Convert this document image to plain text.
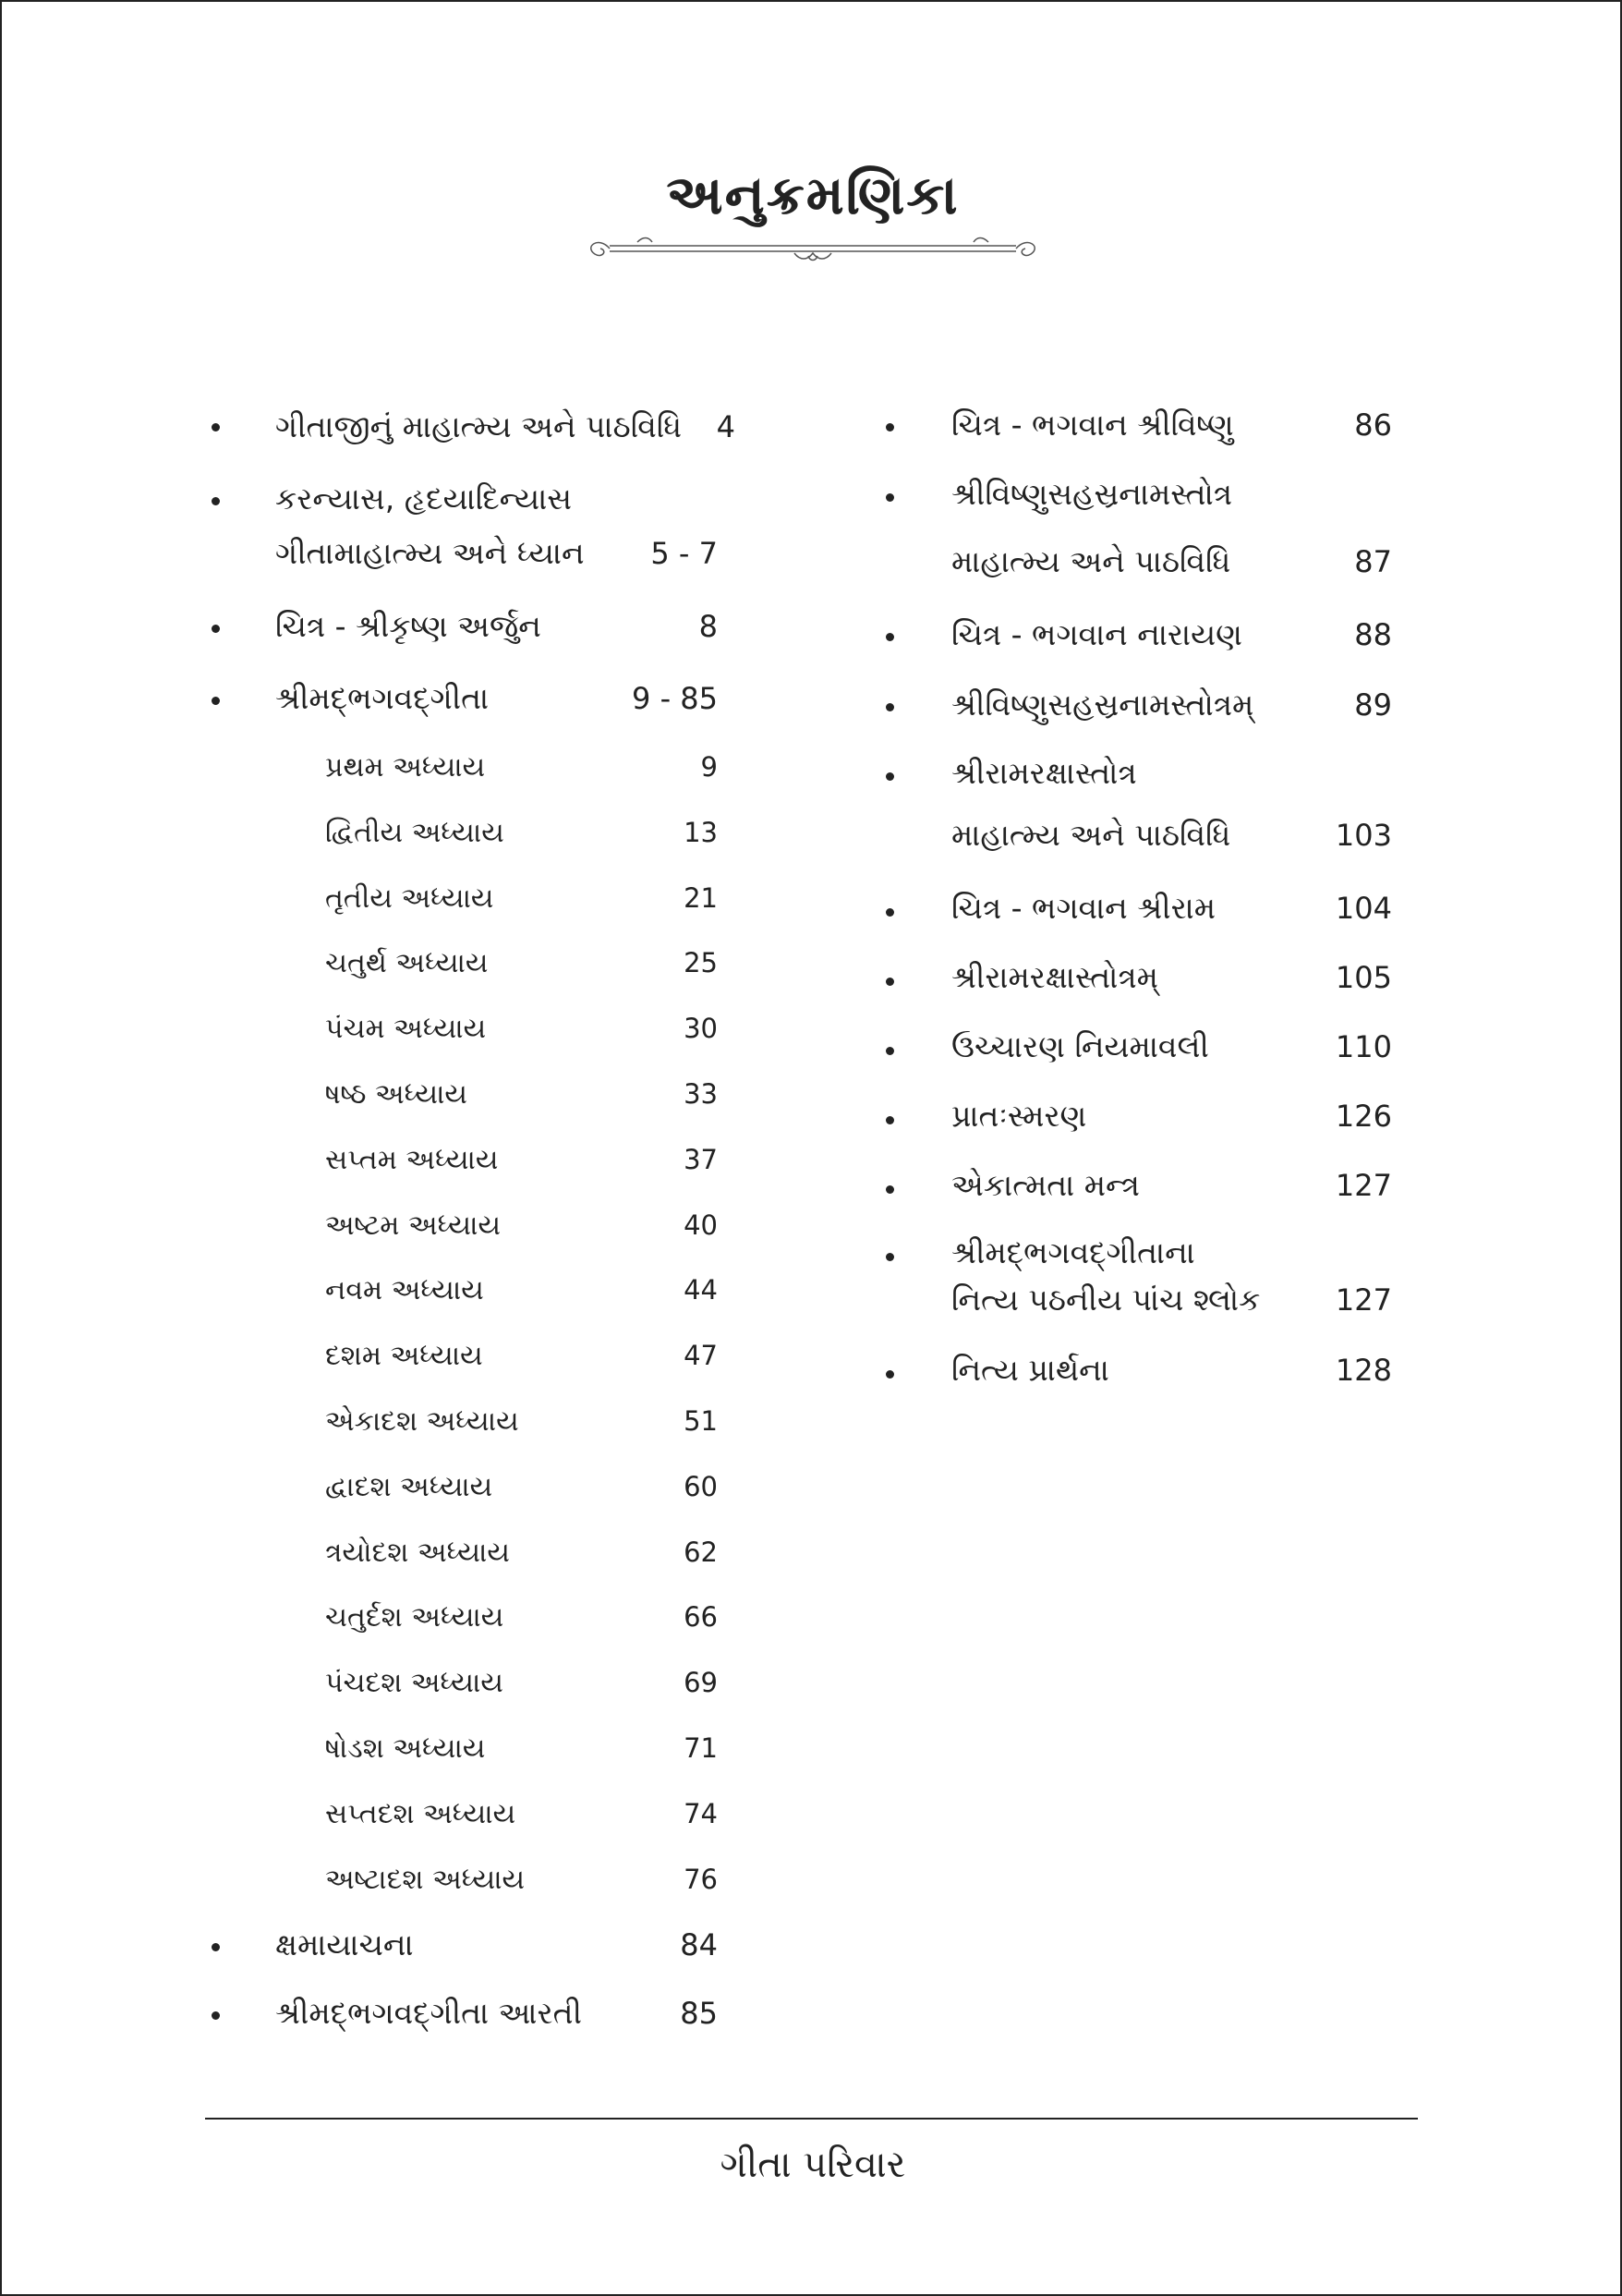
અનુક્રમણિકા
ગીતાજીનું માહાત્મ્ય અને પાઠવિધિ	4
કરન્યાસ, હૃદયાદિન્યાસ
ગીતામાહાત્મ્ય અને ધ્યાન	5 - 7
ચિત્ર - શ્રીકૃષ્ણ અર્જુન	8
શ્રીમદ્ભગવદ્ગીતા	9 - 85
પ્રથમ અધ્યાય	9
દ્વિતીય અધ્યાય	13
તૃતીય અધ્યાય	21
ચતુર્થ અધ્યાય	25
પંચમ અધ્યાય	30
ષષ્ઠ અધ્યાય	33
સપ્તમ અધ્યાય	37
અષ્ટમ અધ્યાય	40
નવમ અધ્યાય	44
દશમ અધ્યાય	47
એકાદશ અધ્યાય	51
દ્વાદશ અધ્યાય	60
ત્રયોદશ અધ્યાય	62
ચતુર્દશ અધ્યાય	66
પંચદશ અધ્યાય	69
ષોડશ અધ્યાય	71
સપ્તદશ અધ્યાય	74
અષ્ટાદશ અધ્યાય	76
ક્ષમાયાચના	84
શ્રીમદ્ભગવદ્ગીતા આરતી	85
ચિત્ર - ભગવાન શ્રીવિષ્ણુ	86
શ્રીવિષ્ણુસહસ્રનામસ્તોત્ર
માહાત્મ્ય અને પાઠવિધિ	87
ચિત્ર - ભગવાન નારાયણ	88
શ્રીવિષ્ણુસહસ્રનામસ્તોત્રમ્	89
શ્રીરામરક્ષાસ્તોત્ર
માહાત્મ્ય અને પાઠવિધિ	103
ચિત્ર - ભગવાન શ્રીરામ	104
શ્રીરામરક્ષાસ્તોત્રમ્	105
ઉચ્ચારણ નિયમાવલી	110
પ્રાતઃસ્મરણ	126
એકાત્મતા મન્ત્ર	127
શ્રીમદ્ભગવદ્ગીતાના
નિત્ય પઠનીય પાંચ શ્લોક	127
નિત્ય પ્રાર્થના	128
ગીતા પરિવાર
